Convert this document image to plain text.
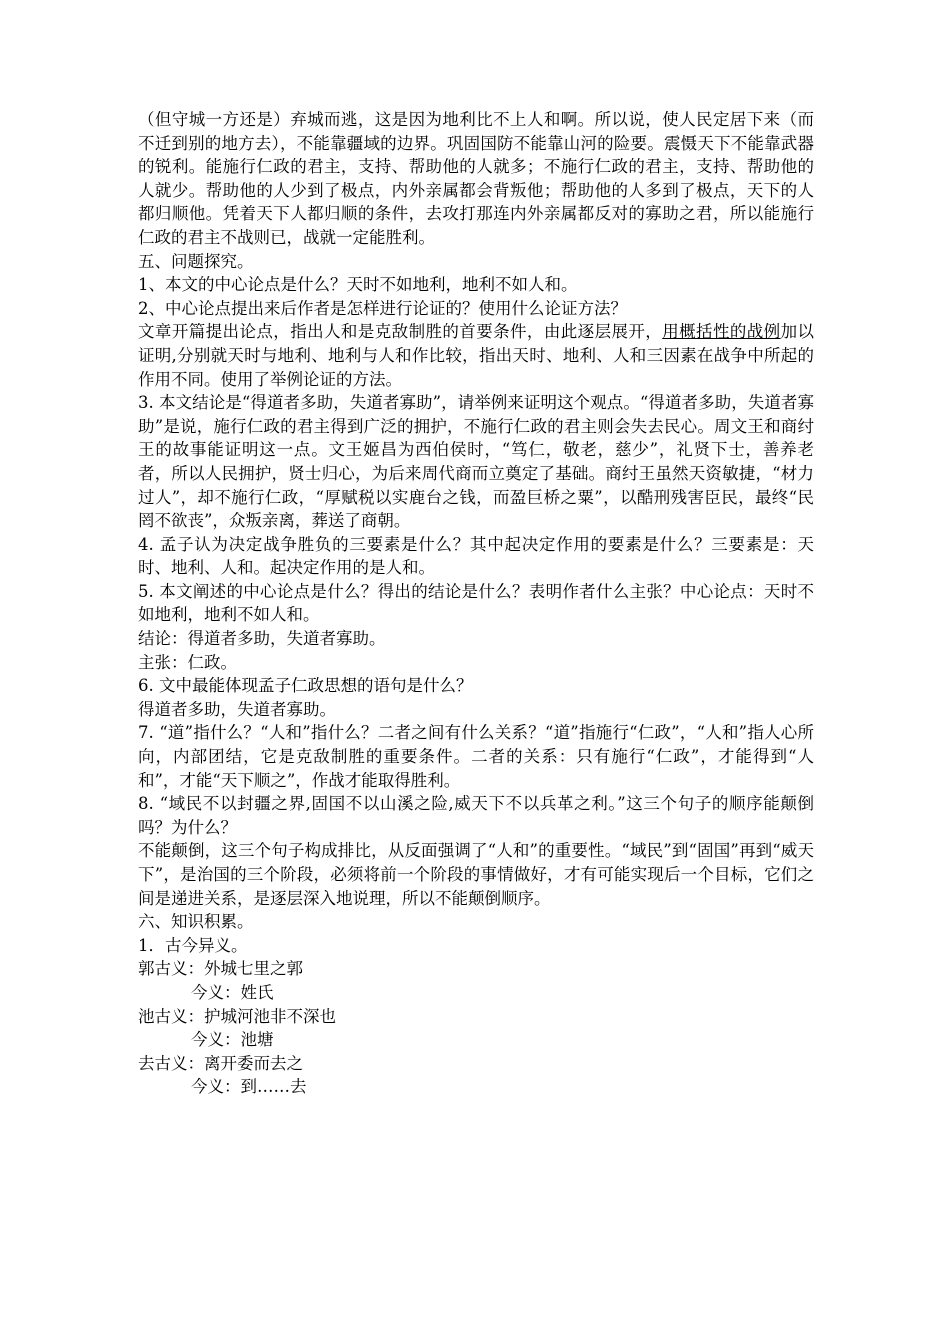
（但守城一方还是）弃城而逃，这是因为地利比不上人和啊。所以说，使人民定居下来（而不迁到别的地方去），不能靠疆域的边界。巩固国防不能靠山河的险要。震慑天下不能靠武器的锐利。能施行仁政的君主，支持、帮助他的人就多；不施行仁政的君主，支持、帮助他的人就少。帮助他的人少到了极点，内外亲属都会背叛他；帮助他的人多到了极点，天下的人都归顺他。凭着天下人都归顺的条件，去攻打那连内外亲属都反对的寡助之君，所以能施行仁政的君主不战则已，战就一定能胜利。

五、问题探究。

1、本文的中心论点是什么？天时不如地利，地利不如人和。

2、中心论点提出来后作者是怎样进行论证的？使用什么论证方法？

文章开篇提出论点，指出人和是克敌制胜的首要条件，由此逐层展开，用概括性的战例加以证明,分别就天时与地利、地利与人和作比较，指出天时、地利、人和三因素在战争中所起的作用不同。使用了举例论证的方法。

3. 本文结论是“得道者多助，失道者寡助”，请举例来证明这个观点。“得道者多助，失道者寡助”是说，施行仁政的君主得到广泛的拥护，不施行仁政的君主则会失去民心。周文王和商纣王的故事能证明这一点。文王姬昌为西伯侯时，“笃仁，敬老，慈少”，礼贤下士，善养老者，所以人民拥护，贤士归心，为后来周代商而立奠定了基础。商纣王虽然天资敏捷，“材力过人”，却不施行仁政，“厚赋税以实鹿台之钱，而盈巨桥之粟”，以酷刑残害臣民，最终“民罔不欲丧”，众叛亲离，葬送了商朝。

4. 孟子认为决定战争胜负的三要素是什么？其中起决定作用的要素是什么？三要素是：天时、地利、人和。起决定作用的是人和。

5. 本文阐述的中心论点是什么？得出的结论是什么？表明作者什么主张？中心论点：天时不如地利，地利不如人和。

结论：得道者多助，失道者寡助。

主张：仁政。

6. 文中最能体现孟子仁政思想的语句是什么？

得道者多助，失道者寡助。

7. “道”指什么？“人和”指什么？二者之间有什么关系？“道”指施行“仁政”，“人和”指人心所向，内部团结，它是克敌制胜的重要条件。二者的关系：只有施行“仁政”，才能得到“人和”，才能“天下顺之”，作战才能取得胜利。

8. “域民不以封疆之界,固国不以山溪之险,威天下不以兵革之利。”这三个句子的顺序能颠倒吗？为什么？

不能颠倒，这三个句子构成排比，从反面强调了“人和”的重要性。“域民”到“固国”再到“威天下”，是治国的三个阶段，必须将前一个阶段的事情做好，才有可能实现后一个目标，它们之间是递进关系，是逐层深入地说理，所以不能颠倒顺序。

六、知识积累。

1．古今异义。

郭古义：外城七里之郭

今义：姓氏

池古义：护城河池非不深也

今义：池塘

去古义：离开委而去之

今义：到……去
